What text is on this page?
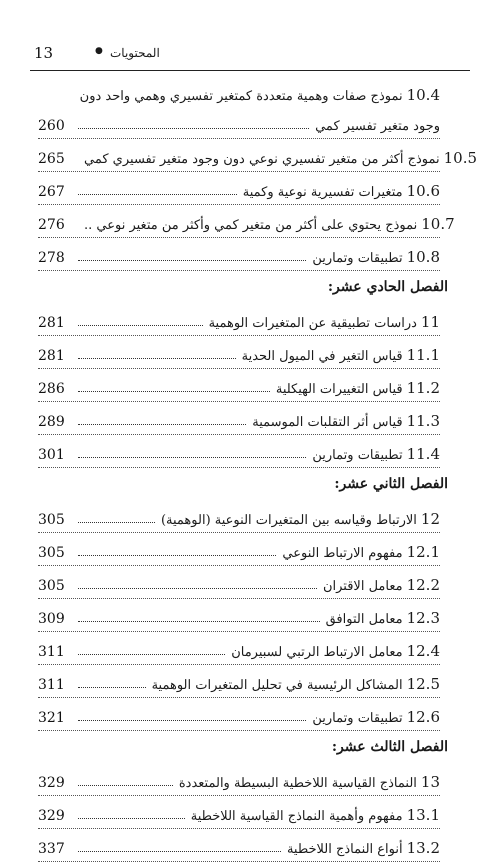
13	● المحتويات
نموذج صفات وهمية متعددة كمتغير تفسيري وهمي واحد دون 10.4
260	وجود متغير تفسير كمي
265	نموذج أكثر من متغير تفسيري نوعي دون وجود متغير تفسيري كمي 10.5
267	متغيرات تفسيرية نوعية وكمية 10.6
276	نموذج يحتوي على أكثر من متغير كمي وأكثر من متغير نوعي .. 10.7
278	تطبيقات وتمارين 10.8
الفصل الحادي عشر:
281	دراسات تطبيقية عن المتغيرات الوهمية 11
281	قياس التغير في الميول الحدية 11.1
286	قياس التغييرات الهيكلية 11.2
289	قياس أثر التقلبات الموسمية 11.3
301	تطبيقات وتمارين 11.4
الفصل الثاني عشر:
305	الارتباط وقياسه بين المتغيرات النوعية (الوهمية) 12
305	مفهوم الارتباط النوعي 12.1
305	معامل الاقتران 12.2
309	معامل التوافق 12.3
311	معامل الارتباط الرتبي لسبيرمان 12.4
311	المشاكل الرئيسية في تحليل المتغيرات الوهمية 12.5
321	تطبيقات وتمارين 12.6
الفصل الثالث عشر:
329	النماذج القياسية اللاخطية البسيطة والمتعددة 13
329	مفهوم وأهمية النماذج القياسية اللاخطية 13.1
337	أنواع النماذج اللاخطية 13.2
